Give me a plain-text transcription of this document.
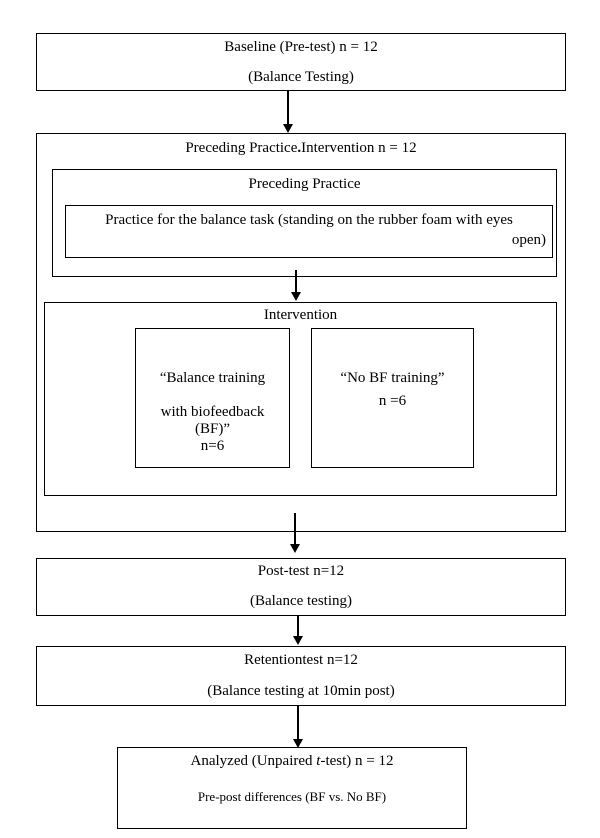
Baseline (Pre-test) n = 12
(Balance Testing)
Preceding Practice.Intervention n = 12
Preceding Practice
Practice for the balance task (standing on the rubber foam with eyes
open)
Intervention
“Balance training
with biofeedback
(BF)”
n=6
“No BF training”
n =6
Post-test n=12
(Balance testing)
Retentiontest n=12
(Balance testing at 10min post)
Analyzed (Unpaired t-test) n = 12
Pre-post differences (BF vs. No BF)
